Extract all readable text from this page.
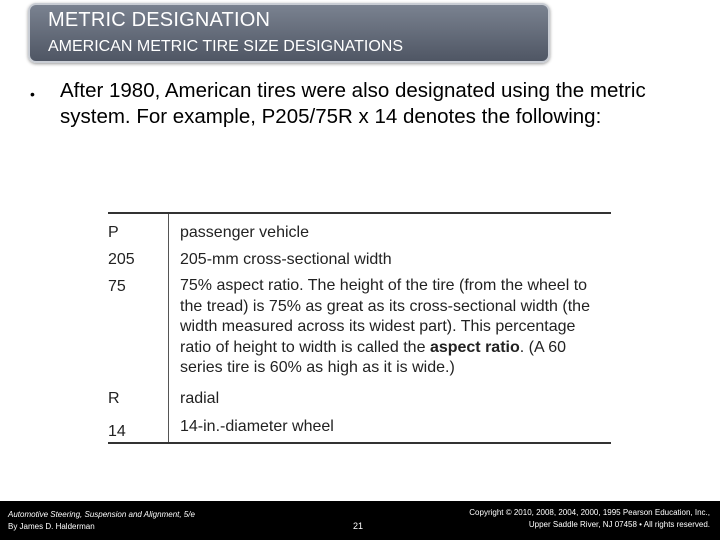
METRIC DESIGNATION
AMERICAN METRIC TIRE SIZE DESIGNATIONS
• After 1980, American tires were also designated using the metric system. For example, P205/75R x 14 denotes the following:
P	passenger vehicle
205	205-mm cross-sectional width
75	75% aspect ratio. The height of the tire (from the wheel to the tread) is 75% as great as its cross-sectional width (the width measured across its widest part). This percentage ratio of height to width is called the aspect ratio. (A 60 series tire is 60% as high as it is wide.)
R	radial
14	14-in.-diameter wheel
Automotive Steering, Suspension and Alignment, 5/e
By James D. Halderman	21
Copyright © 2010, 2008, 2004, 2000, 1995 Pearson Education, Inc.,
Upper Saddle River, NJ 07458 • All rights reserved.
